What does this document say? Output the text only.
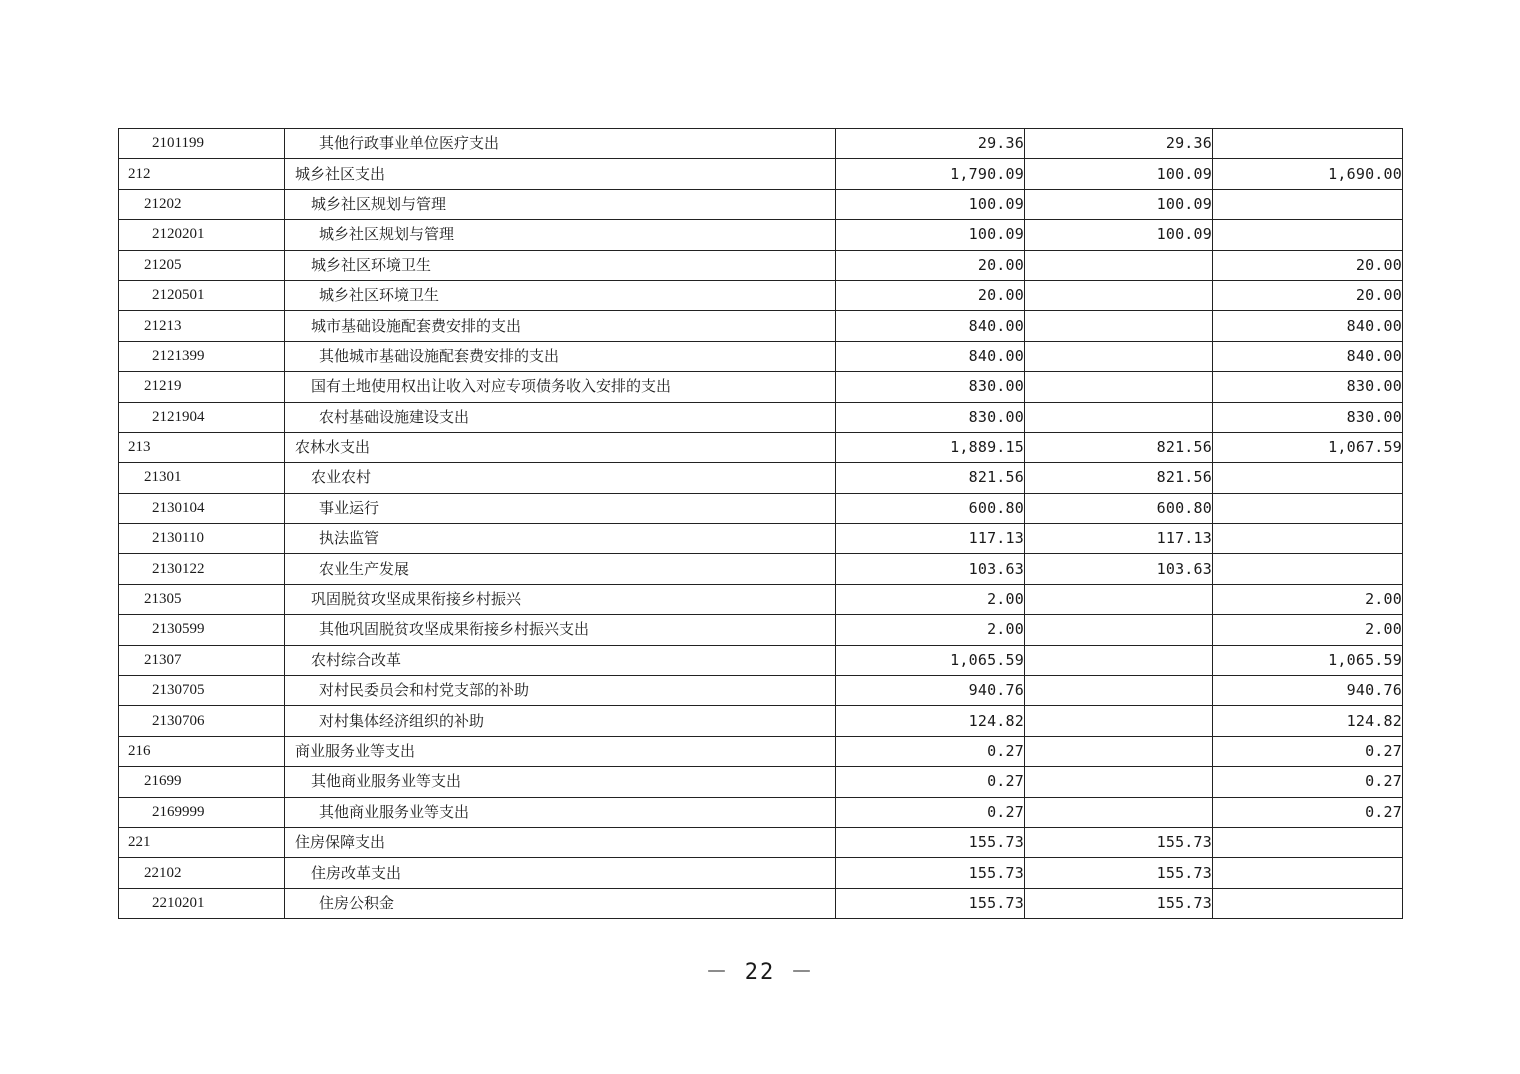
2101199	其他行政事业单位医疗支出	29.36	29.36	
212	城乡社区支出	1,790.09	100.09	1,690.00
21202	城乡社区规划与管理	100.09	100.09	
2120201	城乡社区规划与管理	100.09	100.09	
21205	城乡社区环境卫生	20.00		20.00
2120501	城乡社区环境卫生	20.00		20.00
21213	城市基础设施配套费安排的支出	840.00		840.00
2121399	其他城市基础设施配套费安排的支出	840.00		840.00
21219	国有土地使用权出让收入对应专项债务收入安排的支出	830.00		830.00
2121904	农村基础设施建设支出	830.00		830.00
213	农林水支出	1,889.15	821.56	1,067.59
21301	农业农村	821.56	821.56	
2130104	事业运行	600.80	600.80	
2130110	执法监管	117.13	117.13	
2130122	农业生产发展	103.63	103.63	
21305	巩固脱贫攻坚成果衔接乡村振兴	2.00		2.00
2130599	其他巩固脱贫攻坚成果衔接乡村振兴支出	2.00		2.00
21307	农村综合改革	1,065.59		1,065.59
2130705	对村民委员会和村党支部的补助	940.76		940.76
2130706	对村集体经济组织的补助	124.82		124.82
216	商业服务业等支出	0.27		0.27
21699	其他商业服务业等支出	0.27		0.27
2169999	其他商业服务业等支出	0.27		0.27
221	住房保障支出	155.73	155.73	
22102	住房改革支出	155.73	155.73	
2210201	住房公积金	155.73	155.73	
－ 22 －
